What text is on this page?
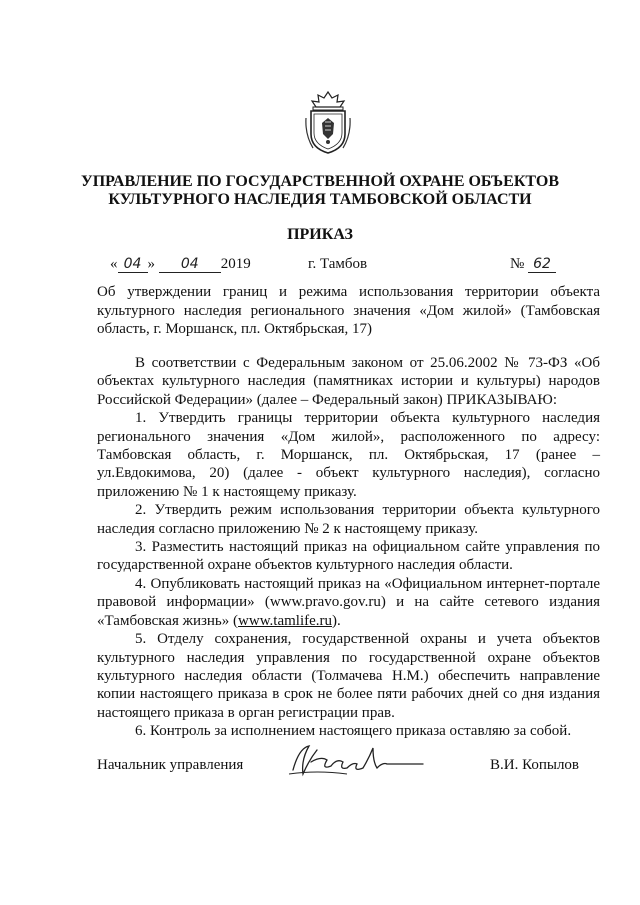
УПРАВЛЕНИЕ ПО ГОСУДАРСТВЕННОЙ ОХРАНЕ ОБЪЕКТОВ
КУЛЬТУРНОГО НАСЛЕДИЯ ТАМБОВСКОЙ ОБЛАСТИ
ПРИКАЗ
« 04 » 04 2019	г. Тамбов	№ 62
Об утверждении границ и режима использования территории объекта культурного наследия регионального значения «Дом жилой» (Тамбовская область, г. Моршанск, пл. Октябрьская, 17)

В соответствии с Федеральным законом от 25.06.2002 № 73-ФЗ «Об объектах культурного наследия (памятниках истории и культуры) народов Российской Федерации» (далее – Федеральный закон) ПРИКАЗЫВАЮ:

1. Утвердить границы территории объекта культурного наследия регионального значения «Дом жилой», расположенного по адресу: Тамбовская область, г. Моршанск, пл. Октябрьская, 17 (ранее – ул.Евдокимова, 20) (далее - объект культурного наследия), согласно приложению № 1 к настоящему приказу.

2. Утвердить режим использования территории объекта культурного наследия согласно приложению № 2 к настоящему приказу.

3. Разместить настоящий приказ на официальном сайте управления по государственной охране объектов культурного наследия области.

4. Опубликовать настоящий приказ на «Официальном интернет-портале правовой информации» (www.pravo.gov.ru) и на сайте сетевого издания «Тамбовская жизнь» (www.tamlife.ru).

5. Отделу сохранения, государственной охраны и учета объектов культурного наследия управления по государственной охране объектов культурного наследия области (Толмачева Н.М.) обеспечить направление копии настоящего приказа в срок не более пяти рабочих дней со дня издания настоящего приказа в орган регистрации прав.

6. Контроль за исполнением настоящего приказа оставляю за собой.

Начальник управления	В.И. Копылов
